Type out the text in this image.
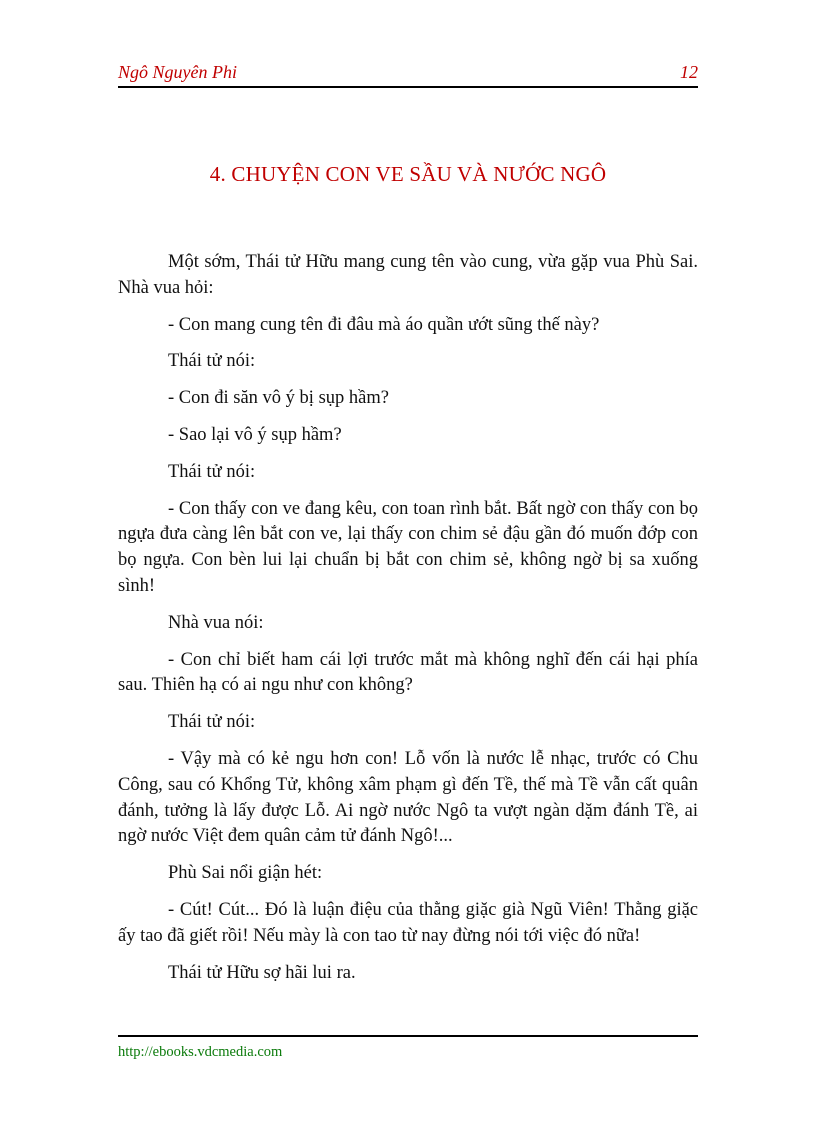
Ngô Nguyên Phi	12
4. CHUYỆN CON VE SẦU VÀ NƯỚC NGÔ

Một sớm, Thái tử Hữu mang cung tên vào cung, vừa gặp vua Phù Sai. Nhà vua hỏi:

- Con mang cung tên đi đâu mà áo quần ướt sũng thế này?

Thái tử nói:

- Con đi săn vô ý bị sụp hầm?

- Sao lại vô ý sụp hầm?

Thái tử nói:

- Con thấy con ve đang kêu, con toan rình bắt. Bất ngờ con thấy con bọ ngựa đưa càng lên bắt con ve, lại thấy con chim sẻ đậu gần đó muốn đớp con bọ ngựa. Con bèn lui lại chuẩn bị bắt con chim sẻ, không ngờ bị sa xuống sình!

Nhà vua nói:

- Con chỉ biết ham cái lợi trước mắt mà không nghĩ đến cái hại phía sau. Thiên hạ có ai ngu như con không?

Thái tử nói:

- Vậy mà có kẻ ngu hơn con! Lỗ vốn là nước lễ nhạc, trước có Chu Công, sau có Khổng Tử, không xâm phạm gì đến Tề, thế mà Tề vẫn cất quân đánh, tưởng là lấy được Lỗ. Ai ngờ nước Ngô ta vượt ngàn dặm đánh Tề, ai ngờ nước Việt đem quân cảm tử đánh Ngô!...

Phù Sai nổi giận hét:

- Cút! Cút... Đó là luận điệu của thằng giặc già Ngũ Viên! Thằng giặc ấy tao đã giết rồi! Nếu mày là con tao từ nay đừng nói tới việc đó nữa!

Thái tử Hữu sợ hãi lui ra.

http://ebooks.vdcmedia.com
